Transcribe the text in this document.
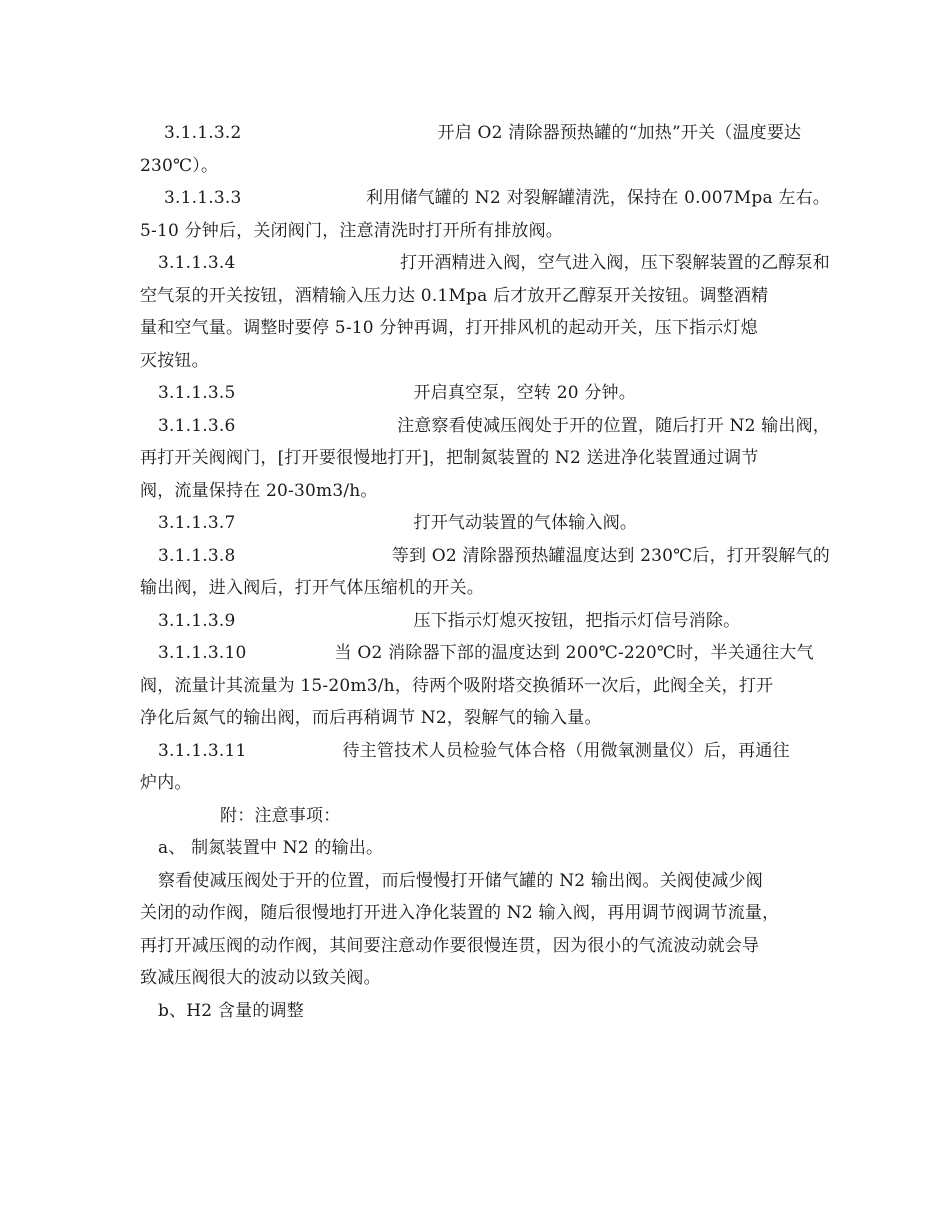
3.1.1.3.2	开启 O2 清除器预热罐的“加热”开关（温度要达
230℃）。
3.1.1.3.3	利用储气罐的 N2 对裂解罐清洗，保持在 0.007Mpa 左右。
5-10 分钟后，关闭阀门，注意清洗时打开所有排放阀。
3.1.1.3.4	打开酒精进入阀，空气进入阀，压下裂解装置的乙醇泵和
空气泵的开关按钮，酒精输入压力达 0.1Mpa 后才放开乙醇泵开关按钮。调整酒精
量和空气量。调整时要停 5-10 分钟再调，打开排风机的起动开关，压下指示灯熄
灭按钮。
3.1.1.3.5	开启真空泵，空转 20 分钟。
3.1.1.3.6	注意察看使减压阀处于开的位置，随后打开 N2 输出阀，
再打开关阀阀门，[打开要很慢地打开]，把制氮装置的 N2 送进净化装置通过调节
阀，流量保持在 20-30m3/h。
3.1.1.3.7	打开气动装置的气体输入阀。
3.1.1.3.8	等到 O2 清除器预热罐温度达到 230℃后，打开裂解气的
输出阀，进入阀后，打开气体压缩机的开关。
3.1.1.3.9	压下指示灯熄灭按钮，把指示灯信号消除。
3.1.1.3.10	当 O2 消除器下部的温度达到 200℃-220℃时，半关通往大气
阀，流量计其流量为 15-20m3/h，待两个吸附塔交换循环一次后，此阀全关，打开
净化后氮气的输出阀，而后再稍调节 N2，裂解气的输入量。
3.1.1.3.11	待主管技术人员检验气体合格（用微氧测量仪）后，再通往
炉内。
附：注意事项：
a、 制氮装置中 N2 的输出。
察看使减压阀处于开的位置，而后慢慢打开储气罐的 N2 输出阀。关阀使减少阀
关闭的动作阀，随后很慢地打开进入净化装置的 N2 输入阀，再用调节阀调节流量，
再打开减压阀的动作阀，其间要注意动作要很慢连贯，因为很小的气流波动就会导
致减压阀很大的波动以致关阀。
b、H2 含量的调整
